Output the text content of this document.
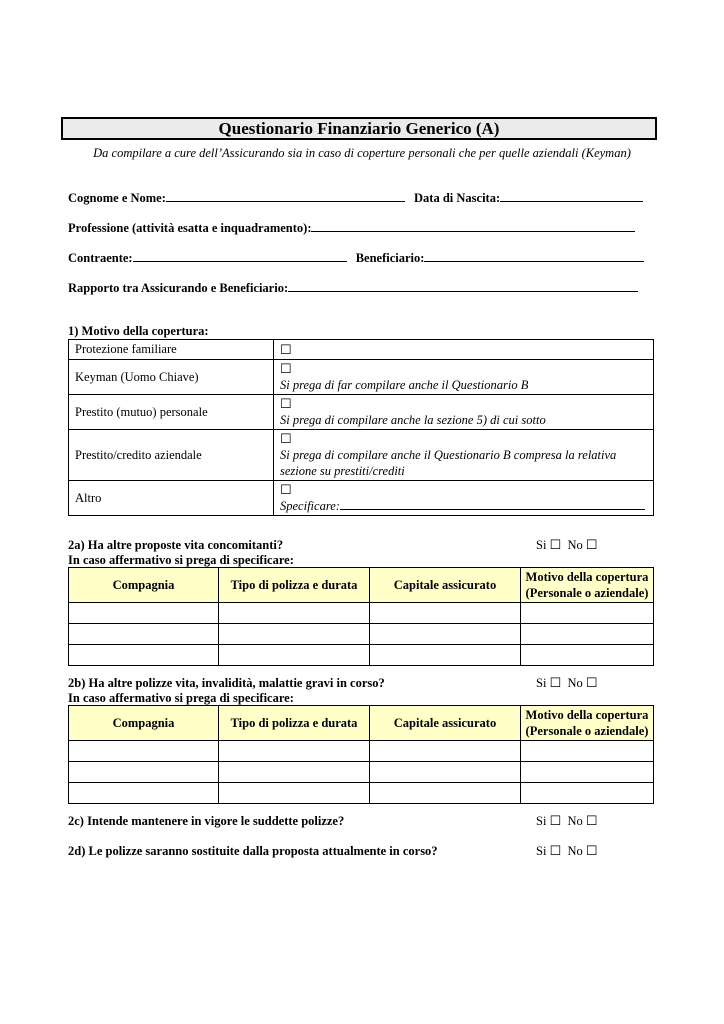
Questionario Finanziario Generico (A)
Da compilare a cure dell’Assicurando sia in caso di coperture personali che per quelle aziendali (Keyman)
Cognome e Nome:	Data di Nascita:
Professione (attività esatta e inquadramento):
Contraente:	Beneficiario:
Rapporto tra Assicurando e Beneficiario:
1) Motivo della copertura:
Protezione familiare	☐
Keyman (Uomo Chiave)	☐
Si prega di far compilare anche il Questionario B
Prestito (mutuo) personale	☐
Si prega di compilare anche la sezione 5) di cui sotto
Prestito/credito aziendale	☐
Si prega di compilare anche il Questionario B compresa la relativa sezione su prestiti/crediti
Altro	☐
Specificare:
2a) Ha altre proposte vita concomitanti?
In caso affermativo si prega di specificare:
Si ☐ No ☐
Compagnia	Tipo di polizza e durata	Capitale assicurato	Motivo della copertura
(Personale o aziendale)

2b) Ha altre polizze vita, invalidità, malattie gravi in corso?
In caso affermativo si prega di specificare:
Si ☐ No ☐
Compagnia	Tipo di polizza e durata	Capitale assicurato	Motivo della copertura
(Personale o aziendale)

2c) Intende mantenere in vigore le suddette polizze?	Si ☐ No ☐
2d) Le polizze saranno sostituite dalla proposta attualmente in corso?	Si ☐ No ☐
